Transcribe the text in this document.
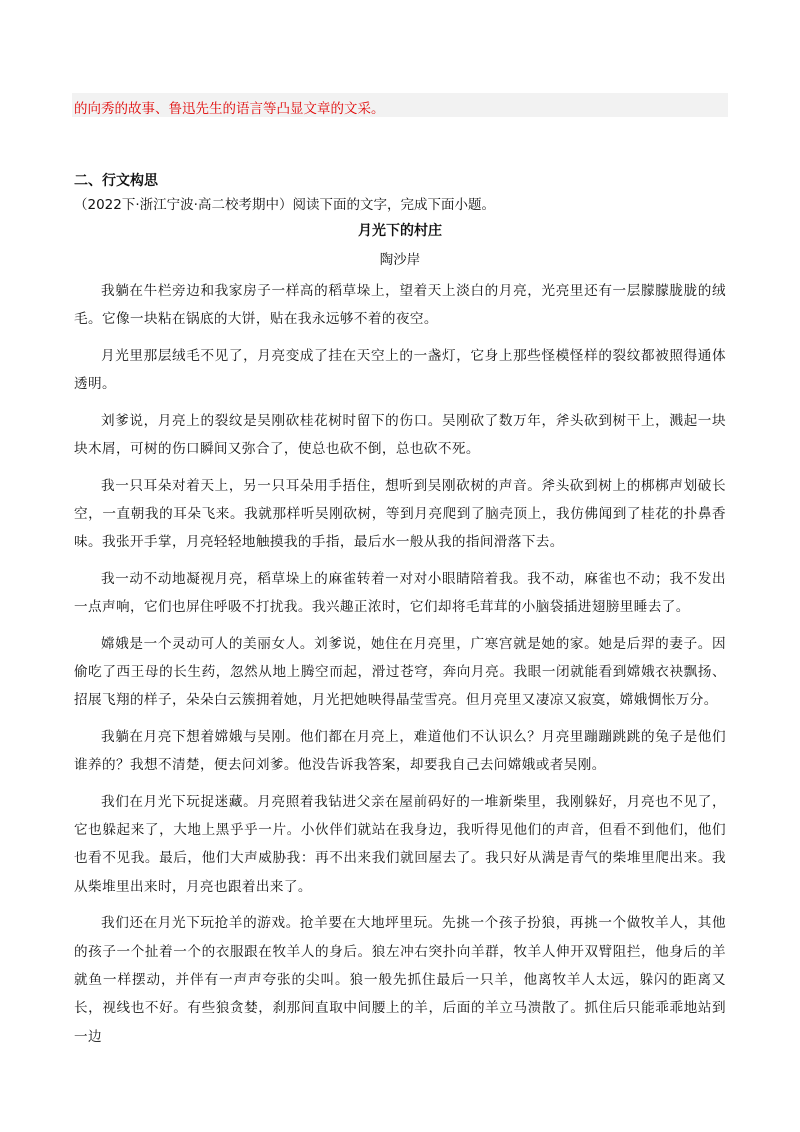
的向秀的故事、鲁迅先生的语言等凸显文章的文采。
二、行文构思
（2022下·浙江宁波·高二校考期中）阅读下面的文字，完成下面小题。
月光下的村庄
陶沙岸

我躺在牛栏旁边和我家房子一样高的稻草垛上，望着天上淡白的月亮，光亮里还有一层朦朦胧胧的绒毛。它像一块粘在锅底的大饼，贴在我永远够不着的夜空。

月光里那层绒毛不见了，月亮变成了挂在天空上的一盏灯，它身上那些怪模怪样的裂纹都被照得通体透明。

刘爹说，月亮上的裂纹是吴刚砍桂花树时留下的伤口。吴刚砍了数万年，斧头砍到树干上，溅起一块块木屑，可树的伤口瞬间又弥合了，使总也砍不倒，总也砍不死。

我一只耳朵对着天上，另一只耳朵用手捂住，想听到吴刚砍树的声音。斧头砍到树上的梆梆声划破长空，一直朝我的耳朵飞来。我就那样听吴刚砍树，等到月亮爬到了脑壳顶上，我仿佛闻到了桂花的扑鼻香味。我张开手掌，月亮轻轻地触摸我的手指，最后水一般从我的指间滑落下去。

我一动不动地凝视月亮，稻草垛上的麻雀转着一对对小眼睛陪着我。我不动，麻雀也不动；我不发出一点声响，它们也屏住呼吸不打扰我。我兴趣正浓时，它们却将毛茸茸的小脑袋插进翅膀里睡去了。

嫦娥是一个灵动可人的美丽女人。刘爹说，她住在月亮里，广寒宫就是她的家。她是后羿的妻子。因偷吃了西王母的长生药，忽然从地上腾空而起，滑过苍穹，奔向月亮。我眼一闭就能看到嫦娥衣袂飘扬、招展飞翔的样子，朵朵白云簇拥着她，月光把她映得晶莹雪亮。但月亮里又凄凉又寂寞，嫦娥惆怅万分。

我躺在月亮下想着嫦娥与吴刚。他们都在月亮上，难道他们不认识么？月亮里蹦蹦跳跳的兔子是他们谁养的？我想不清楚，便去问刘爹。他没告诉我答案，却要我自己去问嫦娥或者吴刚。

我们在月光下玩捉迷藏。月亮照着我钻进父亲在屋前码好的一堆新柴里，我刚躲好，月亮也不见了，它也躲起来了，大地上黑乎乎一片。小伙伴们就站在我身边，我听得见他们的声音，但看不到他们，他们也看不见我。最后，他们大声威胁我：再不出来我们就回屋去了。我只好从满是青气的柴堆里爬出来。我从柴堆里出来时，月亮也跟着出来了。

我们还在月光下玩抢羊的游戏。抢羊要在大地坪里玩。先挑一个孩子扮狼，再挑一个做牧羊人，其他的孩子一个扯着一个的衣服跟在牧羊人的身后。狼左冲右突扑向羊群，牧羊人伸开双臂阻拦，他身后的羊就鱼一样摆动，并伴有一声声夸张的尖叫。狼一般先抓住最后一只羊，他离牧羊人太远，躲闪的距离又长，视线也不好。有些狼贪婪，刹那间直取中间腰上的羊，后面的羊立马溃散了。抓住后只能乖乖地站到一边
